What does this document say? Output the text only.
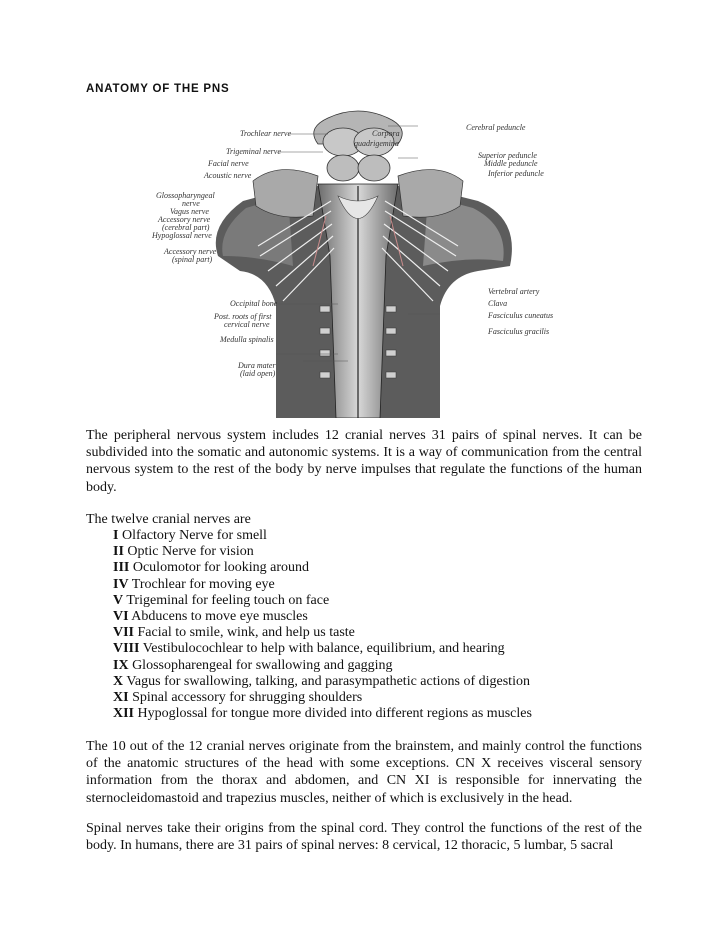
ANATOMY OF THE PNS
Trochlear nerve
Trigeminal nerve
Facial nerve
Acoustic nerve
Glossopharyngeal
nerve
Vagus nerve
Accessory nerve
(cerebral part)
Hypoglossal nerve
Accessory nerve
(spinal part)
Occipital bone
Post. roots of first
cervical nerve
Medulla spinalis
Dura mater
(laid open)
Cerebral peduncle
Superior peduncle
Middle peduncle
Inferior peduncle
Vertebral artery
Clava
Fasciculus cuneatus
Fasciculus gracilis
Corpora
quadrigemina

The peripheral nervous system includes 12 cranial nerves 31 pairs of spinal nerves. It can be subdivided into the somatic and autonomic systems. It is a way of communication from the central nervous system to the rest of the body by nerve impulses that regulate the functions of the human body.

The twelve cranial nerves are
I Olfactory Nerve for smell
II Optic Nerve for vision
III Oculomotor for looking around
IV Trochlear for moving eye
V Trigeminal for feeling touch on face
VI Abducens to move eye muscles
VII Facial to smile, wink, and help us taste
VIII Vestibulocochlear to help with balance, equilibrium, and hearing
IX Glossopharengeal for swallowing and gagging
X Vagus for swallowing, talking, and parasympathetic actions of digestion
XI Spinal accessory for shrugging shoulders
XII Hypoglossal for tongue more divided into different regions as muscles

The 10 out of the 12 cranial nerves originate from the brainstem, and mainly control the functions of the anatomic structures of the head with some exceptions. CN X receives visceral sensory information from the thorax and abdomen, and CN XI is responsible for innervating the sternocleidomastoid and trapezius muscles, neither of which is exclusively in the head.

Spinal nerves take their origins from the spinal cord. They control the functions of the rest of the body. In humans, there are 31 pairs of spinal nerves: 8 cervical, 12 thoracic, 5 lumbar, 5 sacral
